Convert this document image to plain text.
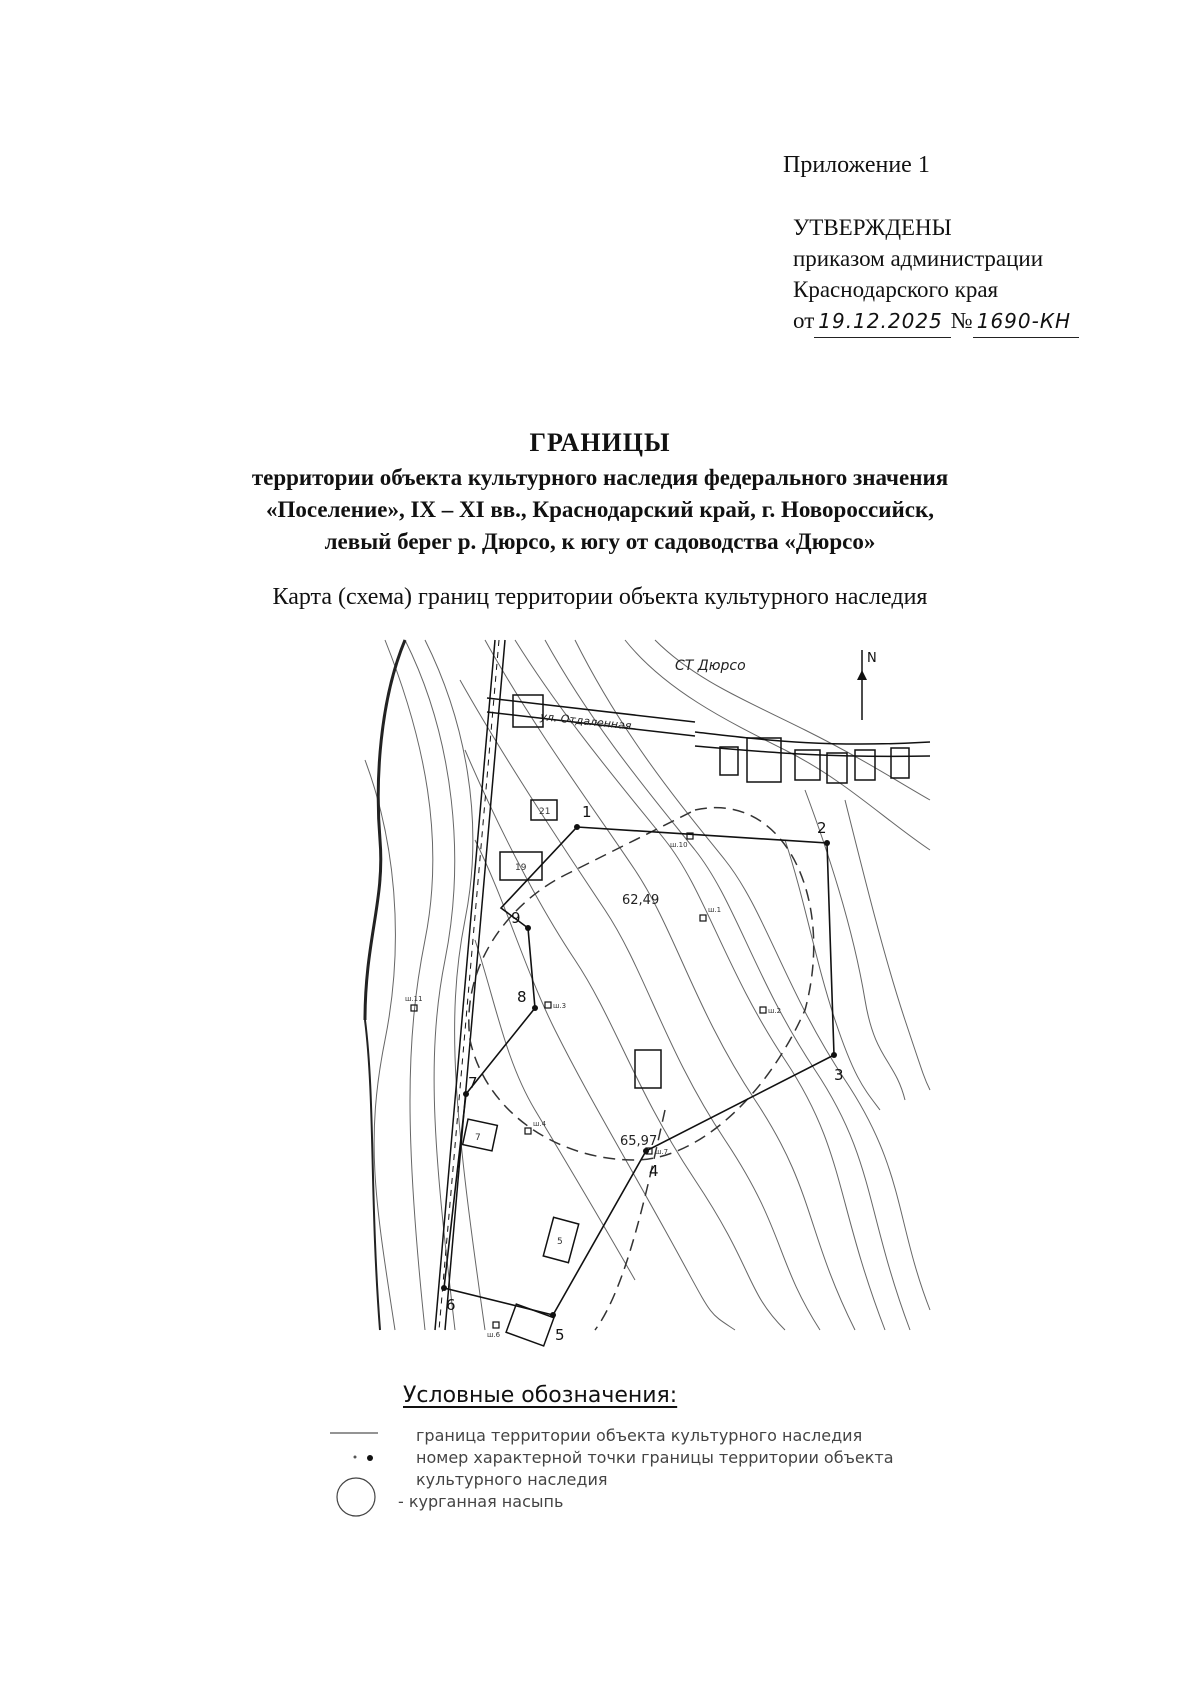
Приложение 1
УТВЕРЖДЕНЫ
приказом администрации
Краснодарского края
от 19.12.2025 № 1690-КН
ГРАНИЦЫ
территории объекта культурного наследия федерального значения
«Поселение», IX – XI вв., Краснодарский край, г. Новороссийск,
левый берег р. Дюрсо, к югу от садоводства «Дюрсо»
Карта (схема) границ территории объекта культурного наследия
ул. Отдаленная
СТ Дюрсо	N
21
19
7
5
1
2
3
4
5
6
7
8
9
62,49
65,97
ш.10
ш.1
ш.2
ш.3
ш.4
ш.7
ш.11
ш.6
Условные обозначения:
граница территории объекта культурного наследия
номер характерной точки границы территории объекта
культурного наследия
- курганная насыпь
